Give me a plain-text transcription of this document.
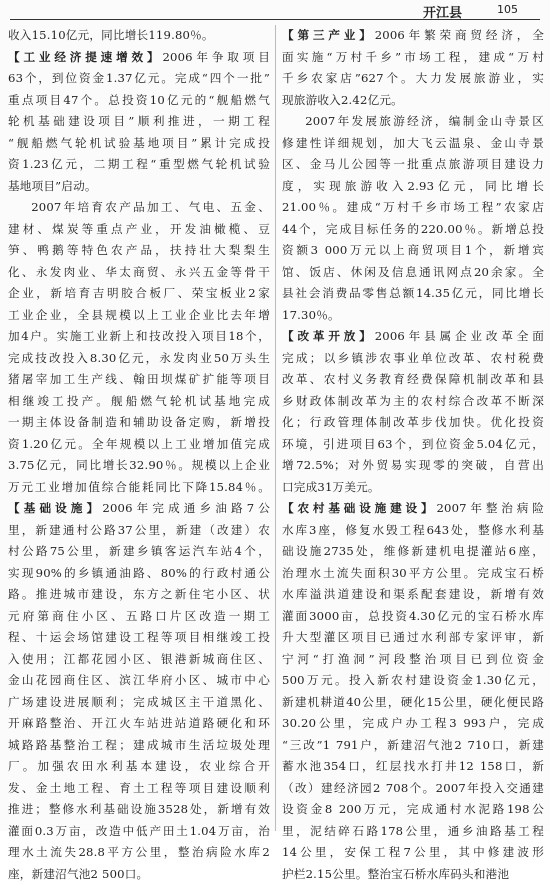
开江县	105
收入15.10亿元，同比增长119.80％。
【工业经济提速增效】2006年争取项目
63个，到位资金1.37亿元。完成“四个一批”
重点项目47个。总投资10亿元的“舰船燃气
轮机基础建设项目”顺利推进，一期工程
“舰船燃气轮机试验基地项目”累计完成投
资1.23亿元，二期工程“重型燃气轮机试验
基地项目”启动。
2007年培育农产品加工、气电、五金、
建材、煤炭等重点产业，开发油橄榄、豆
笋、鸭鹅等特色农产品，扶持壮大梨梨生
化、永发肉业、华太商贸、永兴五金等骨干
企业，新培育吉明胶合板厂、荣宝板业2家
工业企业，全县规模以上工业企业比去年增
加4户。实施工业新上和技改投入项目18个，
完成技改投入8.30亿元，永发肉业50万头生
猪屠宰加工生产线、翰田坝煤矿扩能等项目
相继竣工投产。舰船燃气轮机试基地完成
一期主体设备制造和辅助设备定购，新增投
资1.20亿元。全年规模以上工业增加值完成
3.75亿元，同比增长32.90％。规模以上企业
万元工业增加值综合能耗同比下降15.84％。
【基础设施】2006年完成通乡油路7公
里，新建通村公路37公里，新建（改建）农
村公路75公里，新建乡镇客运汽车站4个，
实现90%的乡镇通油路、80%的行政村通公
路。推进城市建设，东方之新住宅小区、状
元府第商住小区、五路口片区改造一期工
程、十运会场馆建设工程等项目相继竣工投
入使用；江都花园小区、银港新城商住区、
金山花园商住区、滨江华府小区、城市中心
广场建设进展顺利；完成城区主干道黑化、
开麻路整治、开江火车站进站道路硬化和环
城路路基整治工程；建成城市生活垃圾处理
厂。加强农田水利基本建设，农业综合开
发、金土地工程、育土工程等项目建设顺利
推进；整修水利基础设施3528处，新增有效
灌面0.3万亩，改造中低产田土1.04万亩，治
理水土流失28.8平方公里，整治病险水库2
座，新建沼气池2 500口。
【第三产业】2006年繁荣商贸经济，全
面实施“万村千乡”市场工程，建成“万村
千乡农家店”627个。大力发展旅游业，实
现旅游收入2.42亿元。
2007年发展旅游经济，编制金山寺景区
修建性详细规划，加大飞云温泉、金山寺景
区、金马儿公园等一批重点旅游项目建设力
度，实现旅游收入2.93亿元，同比增长
21.00％。建成“万村千乡市场工程”农家店
44个，完成目标任务的220.00％。新增总投
资额3 000万元以上商贸项目1个，新增宾
馆、饭店、休闲及信息通讯网点20余家。全
县社会消费品零售总额14.35亿元，同比增长
17.30％。
【改革开放】2006年县属企业改革全面
完成；以乡镇涉农事业单位改革、农村税费
改革、农村义务教育经费保障机制改革和县
乡财政体制改革为主的农村综合改革不断深
化；行政管理体制改革步伐加快。优化投资
环境，引进项目63个，到位资金5.04亿元，
增72.5%；对外贸易实现零的突破，自营出
口完成31万美元。
【农村基础设施建设】2007年整治病险
水库3座，修复水毁工程643处，整修水利基
础设施2735处，维修新建机电提灌站6座，
治理水土流失面积30平方公里。完成宝石桥
水库溢洪道建设和渠系配套建设，新增有效
灌面3000亩，总投资4.30亿元的宝石桥水库
升大型灌区项目已通过水利部专家评审，新
宁河“打渔洞”河段整治项目已到位资金
500万元。投入新农村建设资金1.30亿元，
新建机耕道40公里，硬化15公里，硬化便民路
30.20公里，完成户办工程3 993户，完成
“三改”1 791户，新建沼气池2 710口，新建
蓄水池354口，红层找水打井12 158口，新
（改）建经济园2 708个。2007年投入交通建
设资金8 200万元，完成通村水泥路198公
里，泥结碎石路178公里，通乡油路基工程
14公里，安保工程7公里，其中修建波形
护栏2.15公里。整治宝石桥水库码头和港池
